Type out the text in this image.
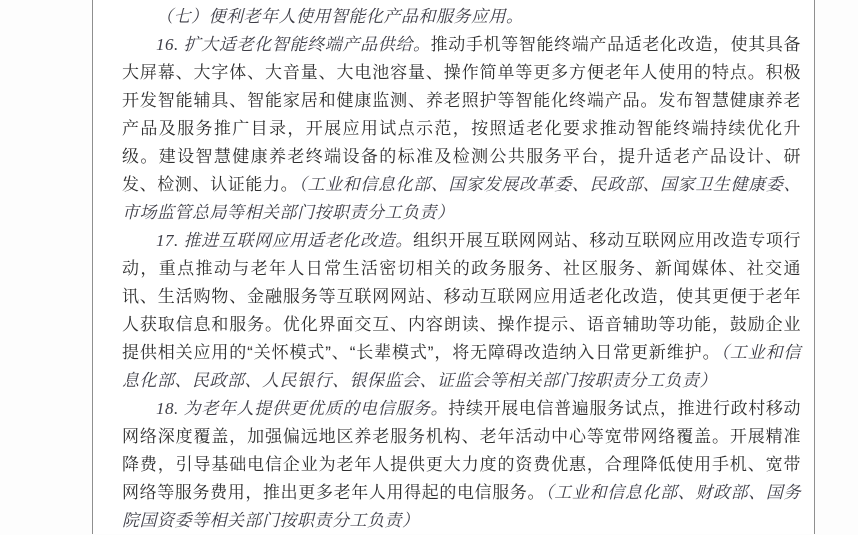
（七）便利老年人使用智能化产品和服务应用。

16. 扩大适老化智能终端产品供给。推动手机等智能终端产品适老化改造，使其具备大屏幕、大字体、大音量、大电池容量、操作简单等更多方便老年人使用的特点。积极开发智能辅具、智能家居和健康监测、养老照护等智能化终端产品。发布智慧健康养老产品及服务推广目录，开展应用试点示范，按照适老化要求推动智能终端持续优化升级。建设智慧健康养老终端设备的标准及检测公共服务平台，提升适老产品设计、研发、检测、认证能力。（工业和信息化部、国家发展改革委、民政部、国家卫生健康委、市场监管总局等相关部门按职责分工负责）

17. 推进互联网应用适老化改造。组织开展互联网网站、移动互联网应用改造专项行动，重点推动与老年人日常生活密切相关的政务服务、社区服务、新闻媒体、社交通讯、生活购物、金融服务等互联网网站、移动互联网应用适老化改造，使其更便于老年人获取信息和服务。优化界面交互、内容朗读、操作提示、语音辅助等功能，鼓励企业提供相关应用的“关怀模式”、“长辈模式”，将无障碍改造纳入日常更新维护。（工业和信息化部、民政部、人民银行、银保监会、证监会等相关部门按职责分工负责）

18. 为老年人提供更优质的电信服务。持续开展电信普遍服务试点，推进行政村移动网络深度覆盖，加强偏远地区养老服务机构、老年活动中心等宽带网络覆盖。开展精准降费，引导基础电信企业为老年人提供更大力度的资费优惠，合理降低使用手机、宽带网络等服务费用，推出更多老年人用得起的电信服务。（工业和信息化部、财政部、国务院国资委等相关部门按职责分工负责）
